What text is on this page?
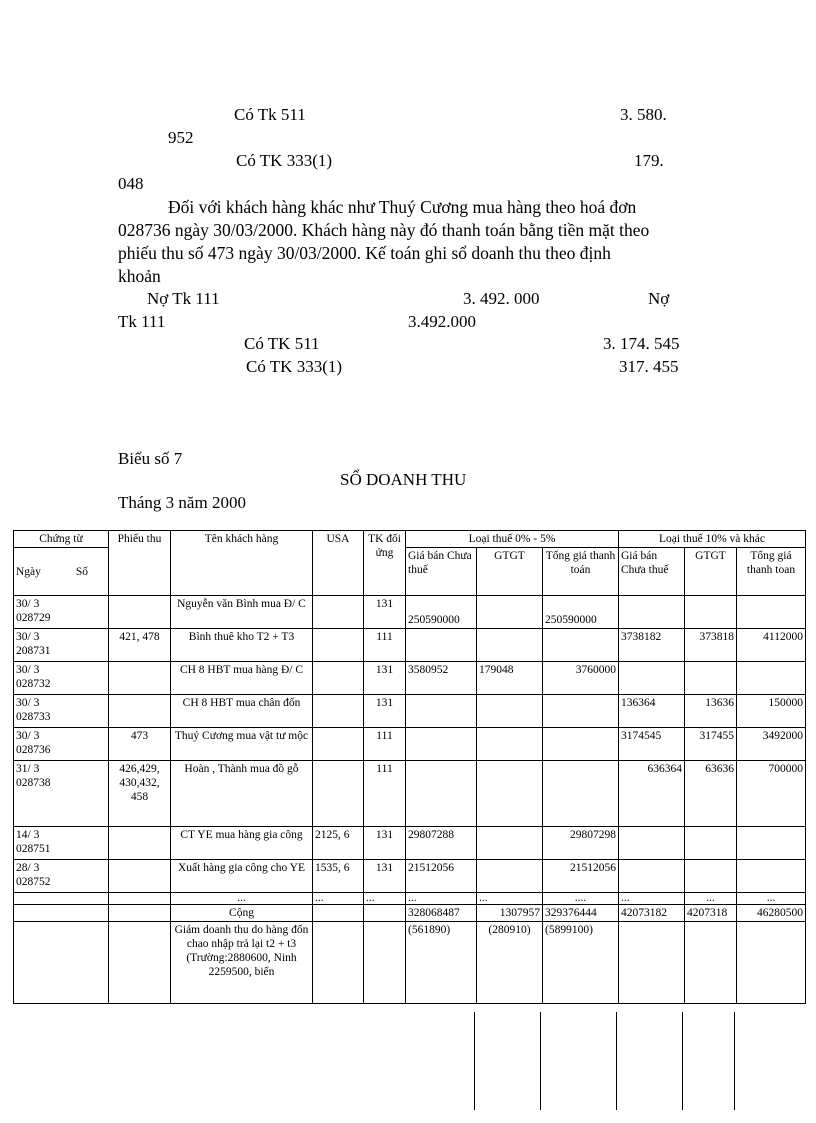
Có Tk 511	3. 580.
952
Có TK 333(1)	179.
048
Đối với khách hàng khác như Thuý Cương mua hàng theo hoá đơn
028736 ngày 30/03/2000. Khách hàng này đó thanh toán bằng tiền mặt theo
phiếu thu số 473 ngày 30/03/2000. Kế toán ghi sổ doanh thu theo định
khoản
Nợ Tk 111	3. 492. 000	Nợ
Tk 111	3.492.000
Có TK 511	3. 174. 545
Có TK 333(1)	317. 455
Biểu số 7
SỔ DOANH THU
Tháng 3 năm 2000
Chứng từ	Phiếu thu	Tên khách hàng	USA	TK đối ứng	Loại thuế 0% - 5%			Loại thuế 10% và khác		
Ngày Số					Giá bán Chưa thuế	GTGT	Tổng giá thanh toán	Giá bán Chưa thuế	GTGT	Tổng giá thanh toan

30/ 3
028729		Nguyễn văn Bình mua Đ/ C		131	250590000		250590000			

30/ 3
208731	421, 478	Bình thuê kho T2 + T3		111				3738182	373818	4112000

30/ 3
028732		CH 8 HBT mua hàng Đ/ C		131	3580952	179048	3760000			

30/ 3
028733		CH 8 HBT mua chân đốn		131				136364	13636	150000

30/ 3
028736	473	Thuý Cương mua vật tư mộc		111				3174545	317455	3492000

31/ 3
028738	426,429, 430,432, 458	Hoàn , Thành mua đồ gỗ		111				636364	63636	700000

14/ 3
028751		CT YE mua hàng gia công	2125, 6	131	29807288		29807298			

28/ 3
028752		Xuất hàng gia công cho YE	1535, 6	131	21512056		21512056			
		...	...	...	...	...	....	...	...	...
		Cộng			328068487	1307957	329376444	42073182	4207318	46280500
		Giảm doanh thu do hàng đốn chao nhập trả lại t2 + t3 (Trường:2880600, Ninh 2259500, biển			(561890)	(280910)	(5899100)			
